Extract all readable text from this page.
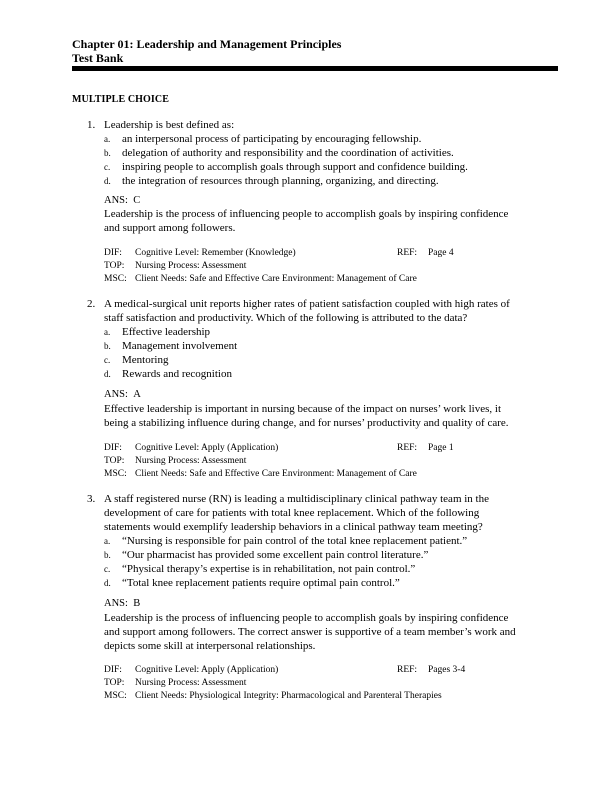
Chapter 01: Leadership and Management Principles
Test Bank
MULTIPLE CHOICE
1. Leadership is best defined as:
a. an interpersonal process of participating by encouraging fellowship.
b. delegation of authority and responsibility and the coordination of activities.
c. inspiring people to accomplish goals through support and confidence building.
d. the integration of resources through planning, organizing, and directing.
ANS: C
Leadership is the process of influencing people to accomplish goals by inspiring confidence
and support among followers.
DIF: Cognitive Level: Remember (Knowledge)	REF: Page 4
TOP: Nursing Process: Assessment
MSC: Client Needs: Safe and Effective Care Environment: Management of Care
2. A medical-surgical unit reports higher rates of patient satisfaction coupled with high rates of
staff satisfaction and productivity. Which of the following is attributed to the data?
a. Effective leadership
b. Management involvement
c. Mentoring
d. Rewards and recognition
ANS: A
Effective leadership is important in nursing because of the impact on nurses’ work lives, it
being a stabilizing influence during change, and for nurses’ productivity and quality of care.
DIF: Cognitive Level: Apply (Application)	REF: Page 1
TOP: Nursing Process: Assessment
MSC: Client Needs: Safe and Effective Care Environment: Management of Care
3. A staff registered nurse (RN) is leading a multidisciplinary clinical pathway team in the
development of care for patients with total knee replacement. Which of the following
statements would exemplify leadership behaviors in a clinical pathway team meeting?
a. “Nursing is responsible for pain control of the total knee replacement patient.”
b. “Our pharmacist has provided some excellent pain control literature.”
c. “Physical therapy’s expertise is in rehabilitation, not pain control.”
d. “Total knee replacement patients require optimal pain control.”
ANS: B
Leadership is the process of influencing people to accomplish goals by inspiring confidence
and support among followers. The correct answer is supportive of a team member’s work and
depicts some skill at interpersonal relationships.
DIF: Cognitive Level: Apply (Application)	REF: Pages 3-4
TOP: Nursing Process: Assessment
MSC: Client Needs: Physiological Integrity: Pharmacological and Parenteral Therapies
